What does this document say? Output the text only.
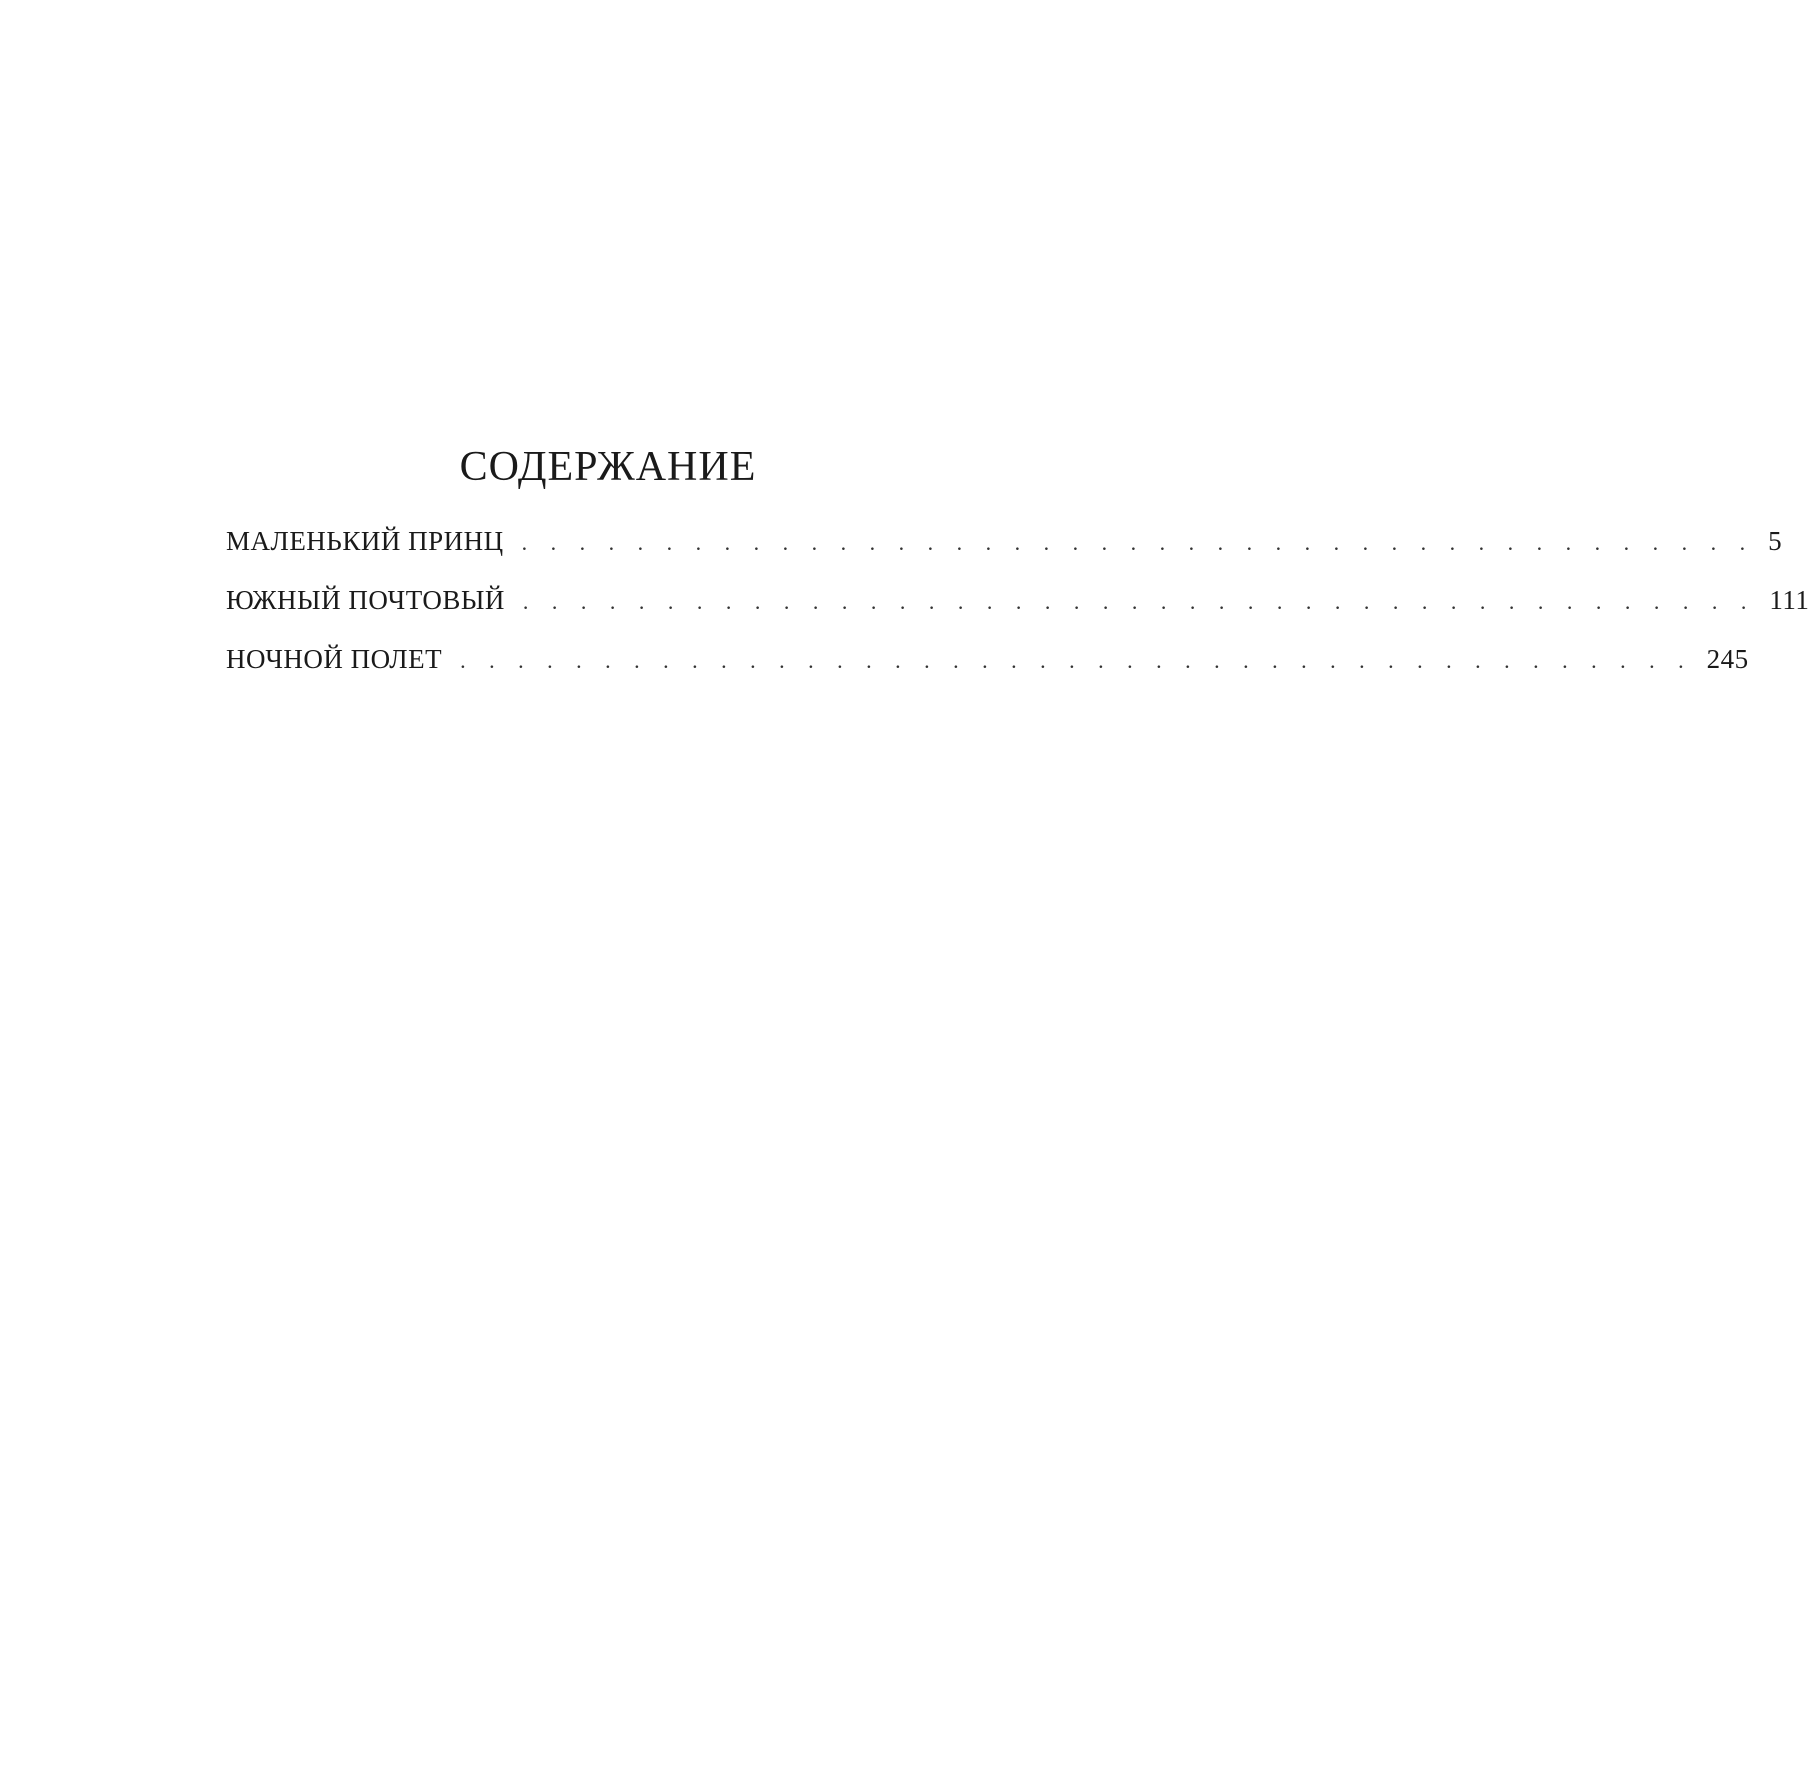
СОДЕРЖАНИЕ
МАЛЕНЬКИЙ ПРИНЦ . . . . . . . . . . . . . . . . . . . . . . . . . . . . . . . . . . . . . . . . . . . 5
ЮЖНЫЙ ПОЧТОВЫЙ . . . . . . . . . . . . . . . . . . . . . . . . . . . . . . . . . . . . . . . . . . . 111
НОЧНОЙ ПОЛЕТ . . . . . . . . . . . . . . . . . . . . . . . . . . . . . . . . . . . . . . . . . . . 245
